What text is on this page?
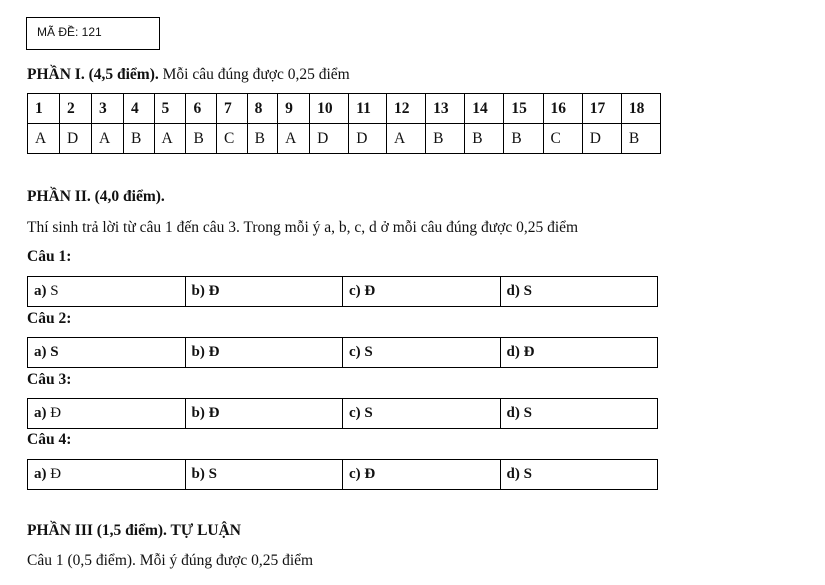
MÃ ĐỀ: 121
PHẦN I. (4,5 điểm). Mỗi câu đúng được 0,25 điểm
1	2	3	4	5	6	7	8	9	10	11	12	13	14	15	16	17	18
A	D	A	B	A	B	C	B	A	D	D	A	B	B	B	C	D	B
PHẦN II. (4,0 điểm).
Thí sinh trả lời từ câu 1 đến câu 3. Trong mỗi ý a, b, c, d ở mỗi câu đúng được 0,25 điểm
Câu 1:
a) S	b) Đ	c) Đ	d) S
Câu 2:
a) S	b) Đ	c) S	d) Đ
Câu 3:
a) Đ	b) Đ	c) S	d) S
Câu 4:
a) Đ	b) S	c) Đ	d) S
PHẦN III (1,5 điểm). TỰ LUẬN
Câu 1 (0,5 điểm). Mỗi ý đúng được 0,25 điểm
